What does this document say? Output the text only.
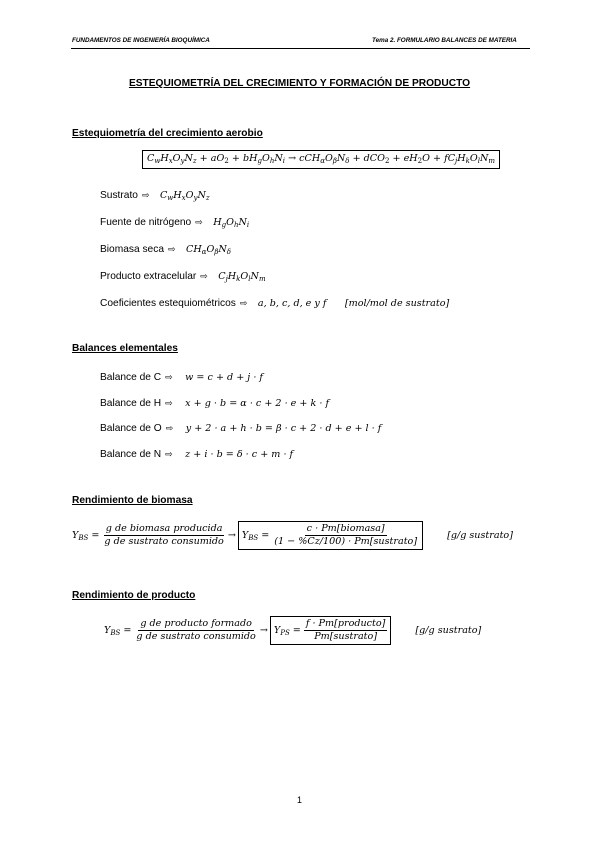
FUNDAMENTOS DE INGENIERÍA BIOQUÍMICA	Tema 2. FORMULARIO BALANCES DE MATERIA
ESTEQUIOMETRÍA DEL CRECIMIENTO Y FORMACIÓN DE PRODUCTO
Estequiometría del crecimiento aerobio
$C_wH_xO_yN_z + aO_2 + bH_gO_hN_i \to cCH_\alpha O_\beta N_\delta + dCO_2 + eH_2O + fC_jH_kO_lN_m$
Sustrato ⇨ $C_wH_xO_yN_z$
Fuente de nitrógeno ⇨ $H_gO_hN_i$
Biomasa seca ⇨ $CH_\alpha O_\beta N_\delta$
Producto extracelular ⇨ $C_jH_kO_lN_m$
Coeficientes estequiométricos ⇨ a, b, c, d, e y f [mol/mol de sustrato]
Balances elementales
Balance de C ⇨ w = c + d + j · f
Balance de H ⇨ x + g · b = α · c + 2 · e + k · f
Balance de O ⇨ y + 2 · a + h · b = β · c + 2 · d + e + l · f
Balance de N ⇨ z + i · b = δ · c + m · f
Rendimiento de biomasa
$Y_{BS} = \frac{\text{g de biomasa producida}}{\text{g de sustrato consumido}} \to Y_{BS} = \frac{\text{c · Pm[biomasa]}}{\text{(1 − \%Cz/100) · Pm[sustrato]}}$	[g/g sustrato]
Rendimiento de producto
$Y_{BS} = \frac{\text{g de producto formado}}{\text{g de sustrato consumido}} \to Y_{PS} = \frac{\text{f · Pm[producto]}}{\text{Pm[sustrato]}}$	[g/g sustrato]
1
